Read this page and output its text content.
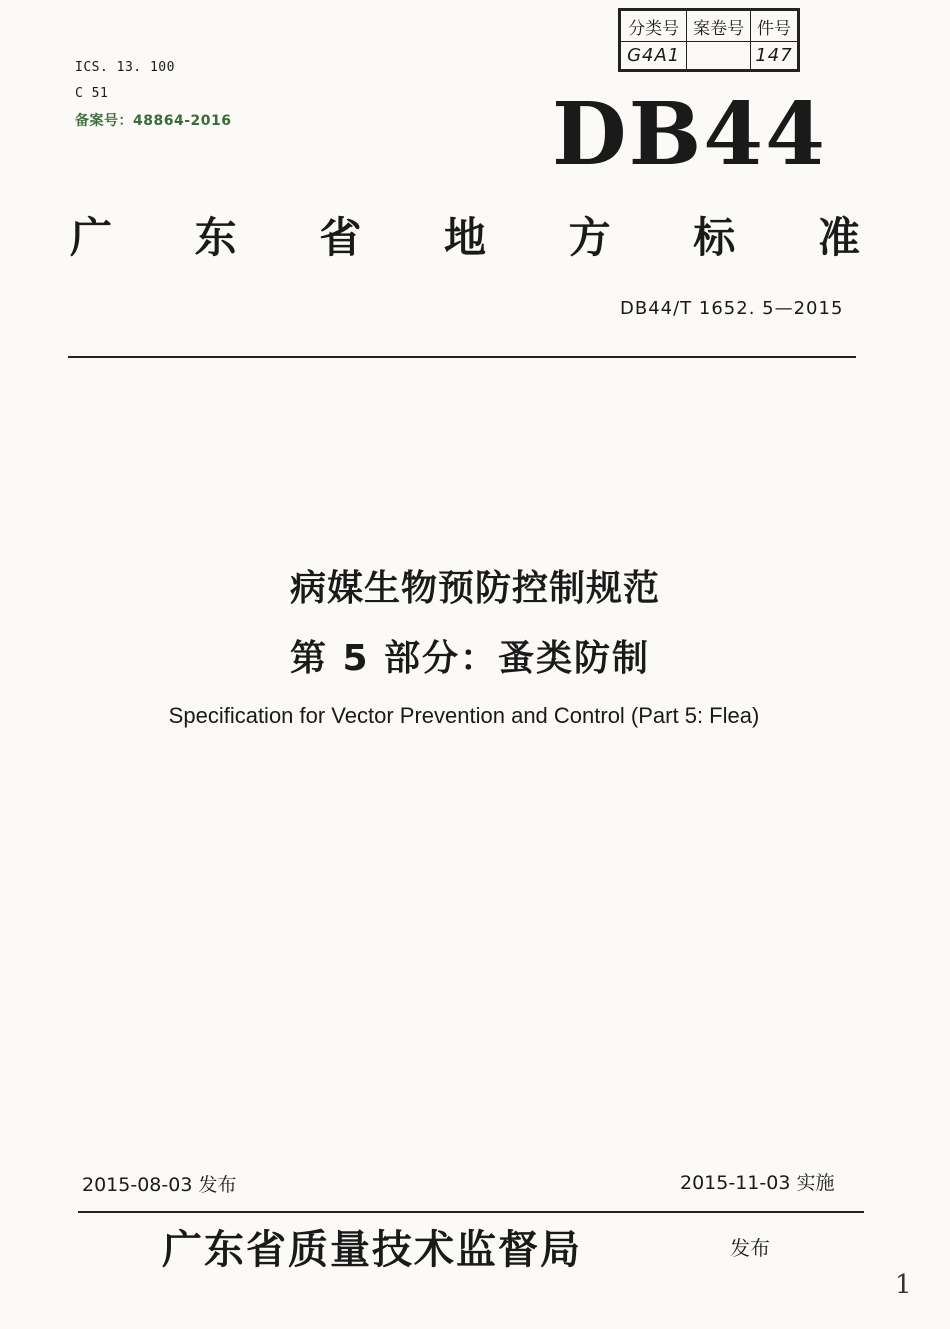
分类号	案卷号	件号
G4A1		147
ICS. 13. 100
C 51
备案号：48864-2016	DB44
广 东 省 地 方 标 准
DB44/T 1652. 5—2015
病媒生物预防控制规范
第 5 部分：蚤类防制
Specification for Vector Prevention and Control (Part 5: Flea)
2015-08-03 发布	2015-11-03 实施
广东省质量技术监督局	发布
1
